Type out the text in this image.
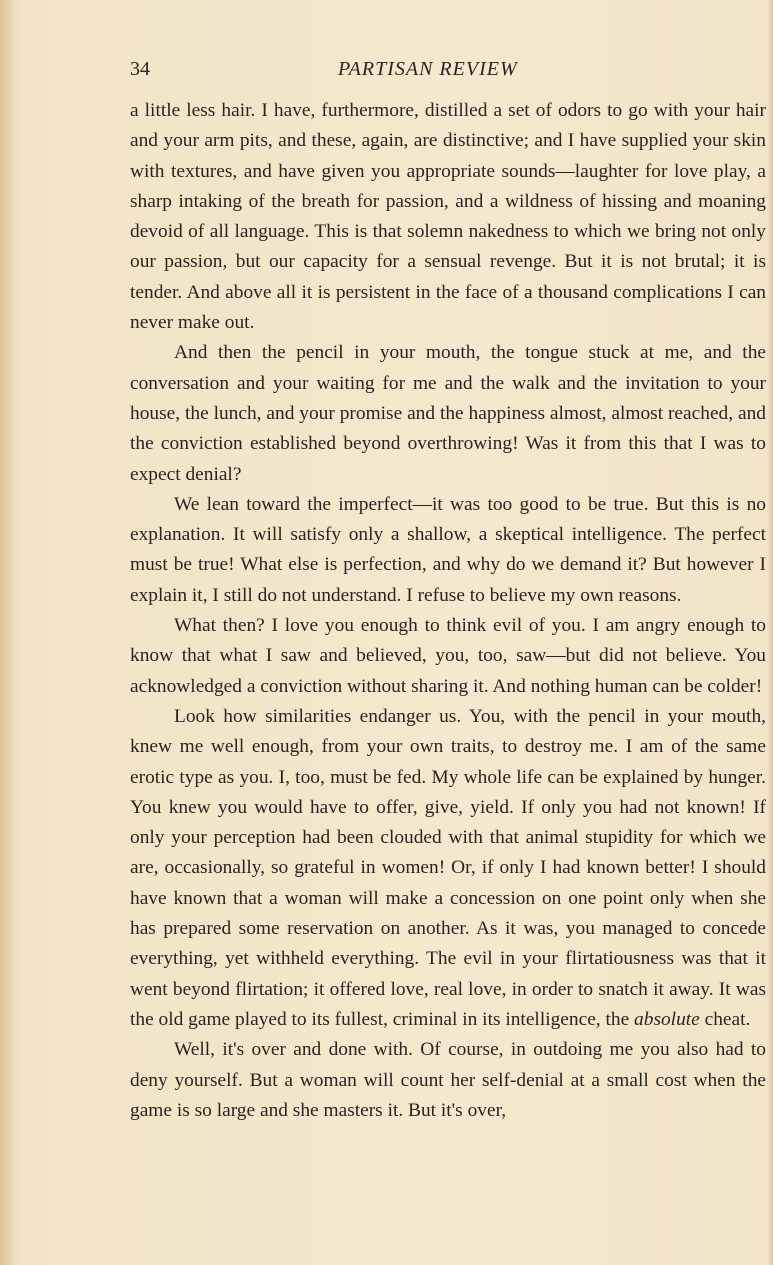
34	PARTISAN REVIEW

a little less hair. I have, furthermore, distilled a set of odors to go with your hair and your arm pits, and these, again, are distinctive; and I have supplied your skin with textures, and have given you appropriate sounds—laughter for love play, a sharp intaking of the breath for passion, and a wildness of hissing and moaning devoid of all language. This is that solemn nakedness to which we bring not only our passion, but our capacity for a sensual revenge. But it is not brutal; it is tender. And above all it is persistent in the face of a thousand complications I can never make out.

And then the pencil in your mouth, the tongue stuck at me, and the conversation and your waiting for me and the walk and the invitation to your house, the lunch, and your promise and the happiness almost, almost reached, and the conviction established beyond overthrowing! Was it from this that I was to expect denial?

We lean toward the imperfect—it was too good to be true. But this is no explanation. It will satisfy only a shallow, a skeptical intelligence. The perfect must be true! What else is perfection, and why do we demand it? But however I explain it, I still do not understand. I refuse to believe my own reasons.

What then? I love you enough to think evil of you. I am angry enough to know that what I saw and believed, you, too, saw—but did not believe. You acknowledged a conviction without sharing it. And nothing human can be colder!

Look how similarities endanger us. You, with the pencil in your mouth, knew me well enough, from your own traits, to destroy me. I am of the same erotic type as you. I, too, must be fed. My whole life can be explained by hunger. You knew you would have to offer, give, yield. If only you had not known! If only your perception had been clouded with that animal stupidity for which we are, occasionally, so grateful in women! Or, if only I had known better! I should have known that a woman will make a concession on one point only when she has prepared some reservation on another. As it was, you managed to concede everything, yet withheld everything. The evil in your flirtatiousness was that it went beyond flirtation; it offered love, real love, in order to snatch it away. It was the old game played to its fullest, criminal in its intelligence, the absolute cheat.

Well, it's over and done with. Of course, in outdoing me you also had to deny yourself. But a woman will count her self-denial at a small cost when the game is so large and she masters it. But it's over,
